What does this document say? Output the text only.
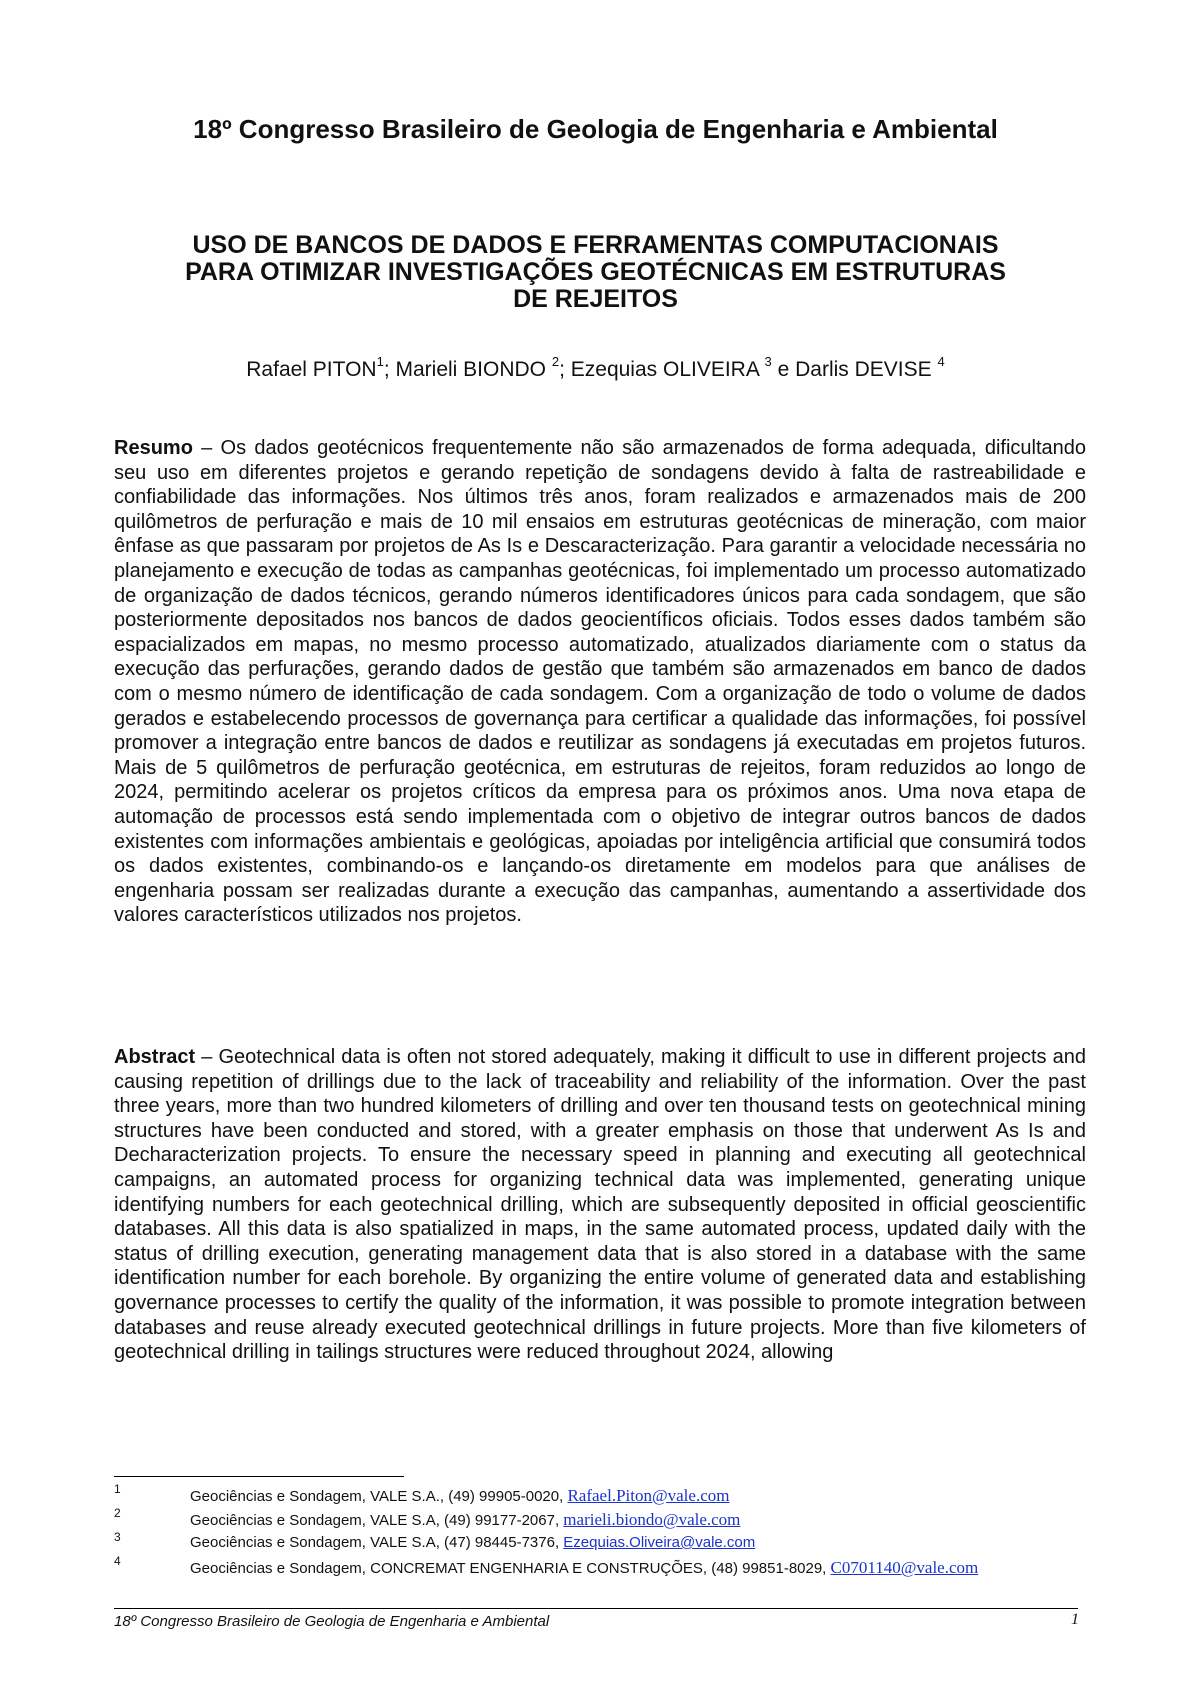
18º Congresso Brasileiro de Geologia de Engenharia e Ambiental
USO DE BANCOS DE DADOS E FERRAMENTAS COMPUTACIONAIS
PARA OTIMIZAR INVESTIGAÇÕES GEOTÉCNICAS EM ESTRUTURAS
DE REJEITOS
Rafael PITON$^1$; Marieli BIONDO $^2$; Ezequias OLIVEIRA $^3$ e Darlis DEVISE $^4$

Resumo – Os dados geotécnicos frequentemente não são armazenados de forma adequada, dificultando seu uso em diferentes projetos e gerando repetição de sondagens devido à falta de rastreabilidade e confiabilidade das informações. Nos últimos três anos, foram realizados e armazenados mais de 200 quilômetros de perfuração e mais de 10 mil ensaios em estruturas geotécnicas de mineração, com maior ênfase as que passaram por projetos de As Is e Descaracterização. Para garantir a velocidade necessária no planejamento e execução de todas as campanhas geotécnicas, foi implementado um processo automatizado de organização de dados técnicos, gerando números identificadores únicos para cada sondagem, que são posteriormente depositados nos bancos de dados geocientíficos oficiais. Todos esses dados também são espacializados em mapas, no mesmo processo automatizado, atualizados diariamente com o status da execução das perfurações, gerando dados de gestão que também são armazenados em banco de dados com o mesmo número de identificação de cada sondagem. Com a organização de todo o volume de dados gerados e estabelecendo processos de governança para certificar a qualidade das informações, foi possível promover a integração entre bancos de dados e reutilizar as sondagens já executadas em projetos futuros. Mais de 5 quilômetros de perfuração geotécnica, em estruturas de rejeitos, foram reduzidos ao longo de 2024, permitindo acelerar os projetos críticos da empresa para os próximos anos. Uma nova etapa de automação de processos está sendo implementada com o objetivo de integrar outros bancos de dados existentes com informações ambientais e geológicas, apoiadas por inteligência artificial que consumirá todos os dados existentes, combinando-os e lançando-os diretamente em modelos para que análises de engenharia possam ser realizadas durante a execução das campanhas, aumentando a assertividade dos valores característicos utilizados nos projetos.

Abstract – Geotechnical data is often not stored adequately, making it difficult to use in different projects and causing repetition of drillings due to the lack of traceability and reliability of the information. Over the past three years, more than two hundred kilometers of drilling and over ten thousand tests on geotechnical mining structures have been conducted and stored, with a greater emphasis on those that underwent As Is and Decharacterization projects. To ensure the necessary speed in planning and executing all geotechnical campaigns, an automated process for organizing technical data was implemented, generating unique identifying numbers for each geotechnical drilling, which are subsequently deposited in official geoscientific databases. All this data is also spatialized in maps, in the same automated process, updated daily with the status of drilling execution, generating management data that is also stored in a database with the same identification number for each borehole. By organizing the entire volume of generated data and establishing governance processes to certify the quality of the information, it was possible to promote integration between databases and reuse already executed geotechnical drillings in future projects. More than five kilometers of geotechnical drilling in tailings structures were reduced throughout 2024, allowing

1	Geociências e Sondagem, VALE S.A., (49) 99905-0020, Rafael.Piton@vale.com
2	Geociências e Sondagem, VALE S.A, (49) 99177-2067, marieli.biondo@vale.com
3	Geociências e Sondagem, VALE S.A, (47) 98445-7376, Ezequias.Oliveira@vale.com
4	Geociências e Sondagem, CONCREMAT ENGENHARIA E CONSTRUÇÕES, (48) 99851-8029, C0701140@vale.com
18º Congresso Brasileiro de Geologia de Engenharia e Ambiental	1
